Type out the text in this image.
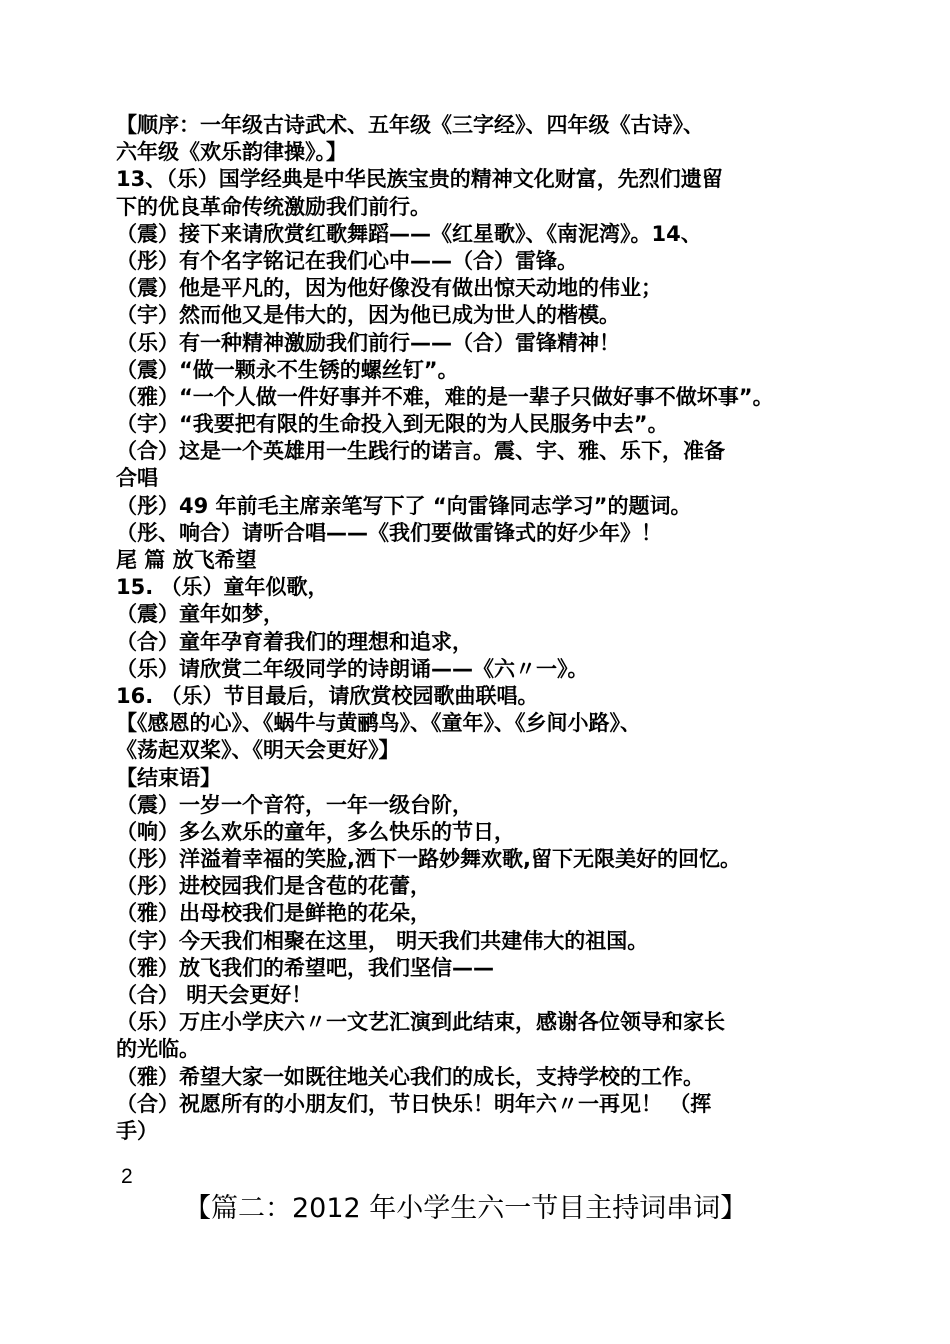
【顺序：一年级古诗武术、五年级《三字经》、四年级《古诗》、
六年级《欢乐韵律操》。】
13、（乐）国学经典是中华民族宝贵的精神文化财富，先烈们遗留
下的优良革命传统激励我们前行。
（震）接下来请欣赏红歌舞蹈——《红星歌》、《南泥湾》。14、
（彤）有个名字铭记在我们心中——（合）雷锋。
（震）他是平凡的，因为他好像没有做出惊天动地的伟业；
（宇）然而他又是伟大的，因为他已成为世人的楷模。
（乐）有一种精神激励我们前行——（合）雷锋精神！
（震）“做一颗永不生锈的螺丝钉”。
（雅）“一个人做一件好事并不难，难的是一辈子只做好事不做坏事”。
（宇）“我要把有限的生命投入到无限的为人民服务中去”。
（合）这是一个英雄用一生践行的诺言。震、宇、雅、乐下，准备
合唱
（彤）49 年前毛主席亲笔写下了 “向雷锋同志学习”的题词。
（彤、响合）请听合唱——《我们要做雷锋式的好少年》！
尾 篇 放飞希望
15. （乐）童年似歌，
（震）童年如梦，
（合）童年孕育着我们的理想和追求，
（乐）请欣赏二年级同学的诗朗诵——《六〃一》。
16. （乐）节目最后，请欣赏校园歌曲联唱。
【《感恩的心》、《蜗牛与黄鹂鸟》、《童年》、《乡间小路》、
《荡起双桨》、《明天会更好》】
【结束语】
（震）一岁一个音符，一年一级台阶，
（响）多么欢乐的童年，多么快乐的节日，
（彤）洋溢着幸福的笑脸,洒下一路妙舞欢歌,留下无限美好的回忆。
（彤）进校园我们是含苞的花蕾，
（雅）出母校我们是鲜艳的花朵，
（宇）今天我们相聚在这里， 明天我们共建伟大的祖国。
（雅）放飞我们的希望吧，我们坚信——
（合） 明天会更好！
（乐）万庄小学庆六〃一文艺汇演到此结束，感谢各位领导和家长
的光临。
（雅）希望大家一如既往地关心我们的成长，支持学校的工作。
（合）祝愿所有的小朋友们，节日快乐！明年六〃一再见！ （挥
手）
2
【篇二：2012 年小学生六一节目主持词串词】
